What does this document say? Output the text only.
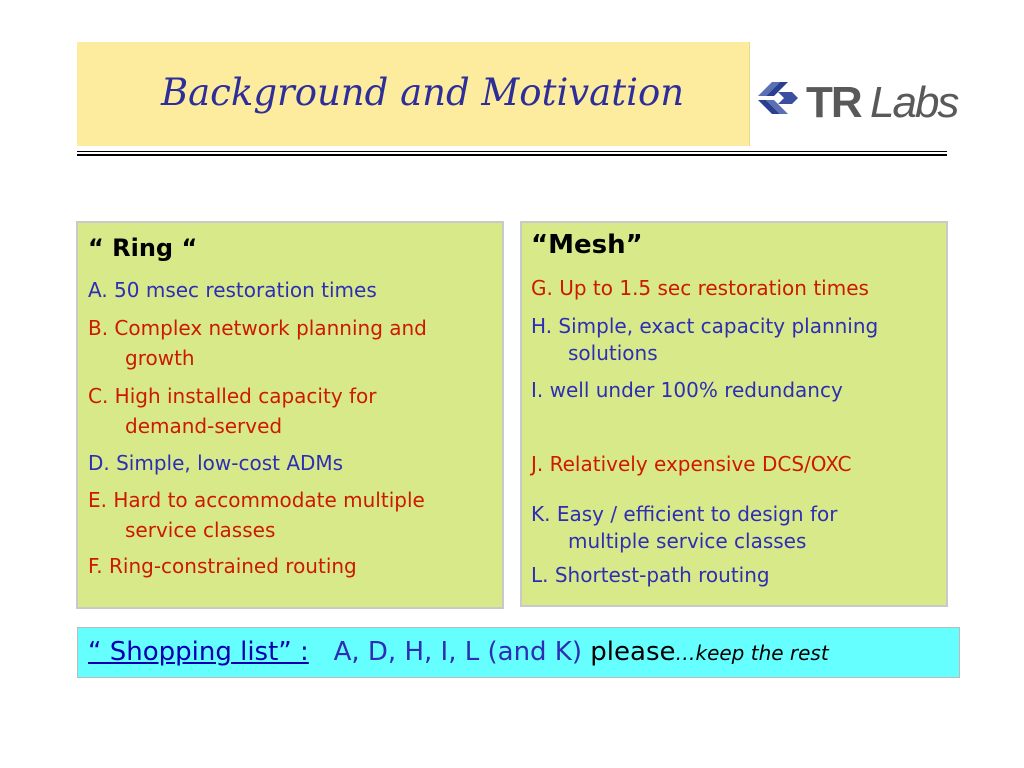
Background and Motivation	TR Labs
“ Ring “
A. 50 msec restoration times
B. Complex network planning and
growth
C. High installed capacity for
demand-served
D. Simple, low-cost ADMs
E. Hard to accommodate multiple
service classes
F. Ring-constrained routing
“Mesh”
G. Up to 1.5 sec restoration times
H. Simple, exact capacity planning
solutions
I. well under 100% redundancy
J. Relatively expensive DCS/OXC
K. Easy / efficient to design for
multiple service classes
L. Shortest-path routing
“ Shopping list” : A, D, H, I, L (and K) please…keep the rest
